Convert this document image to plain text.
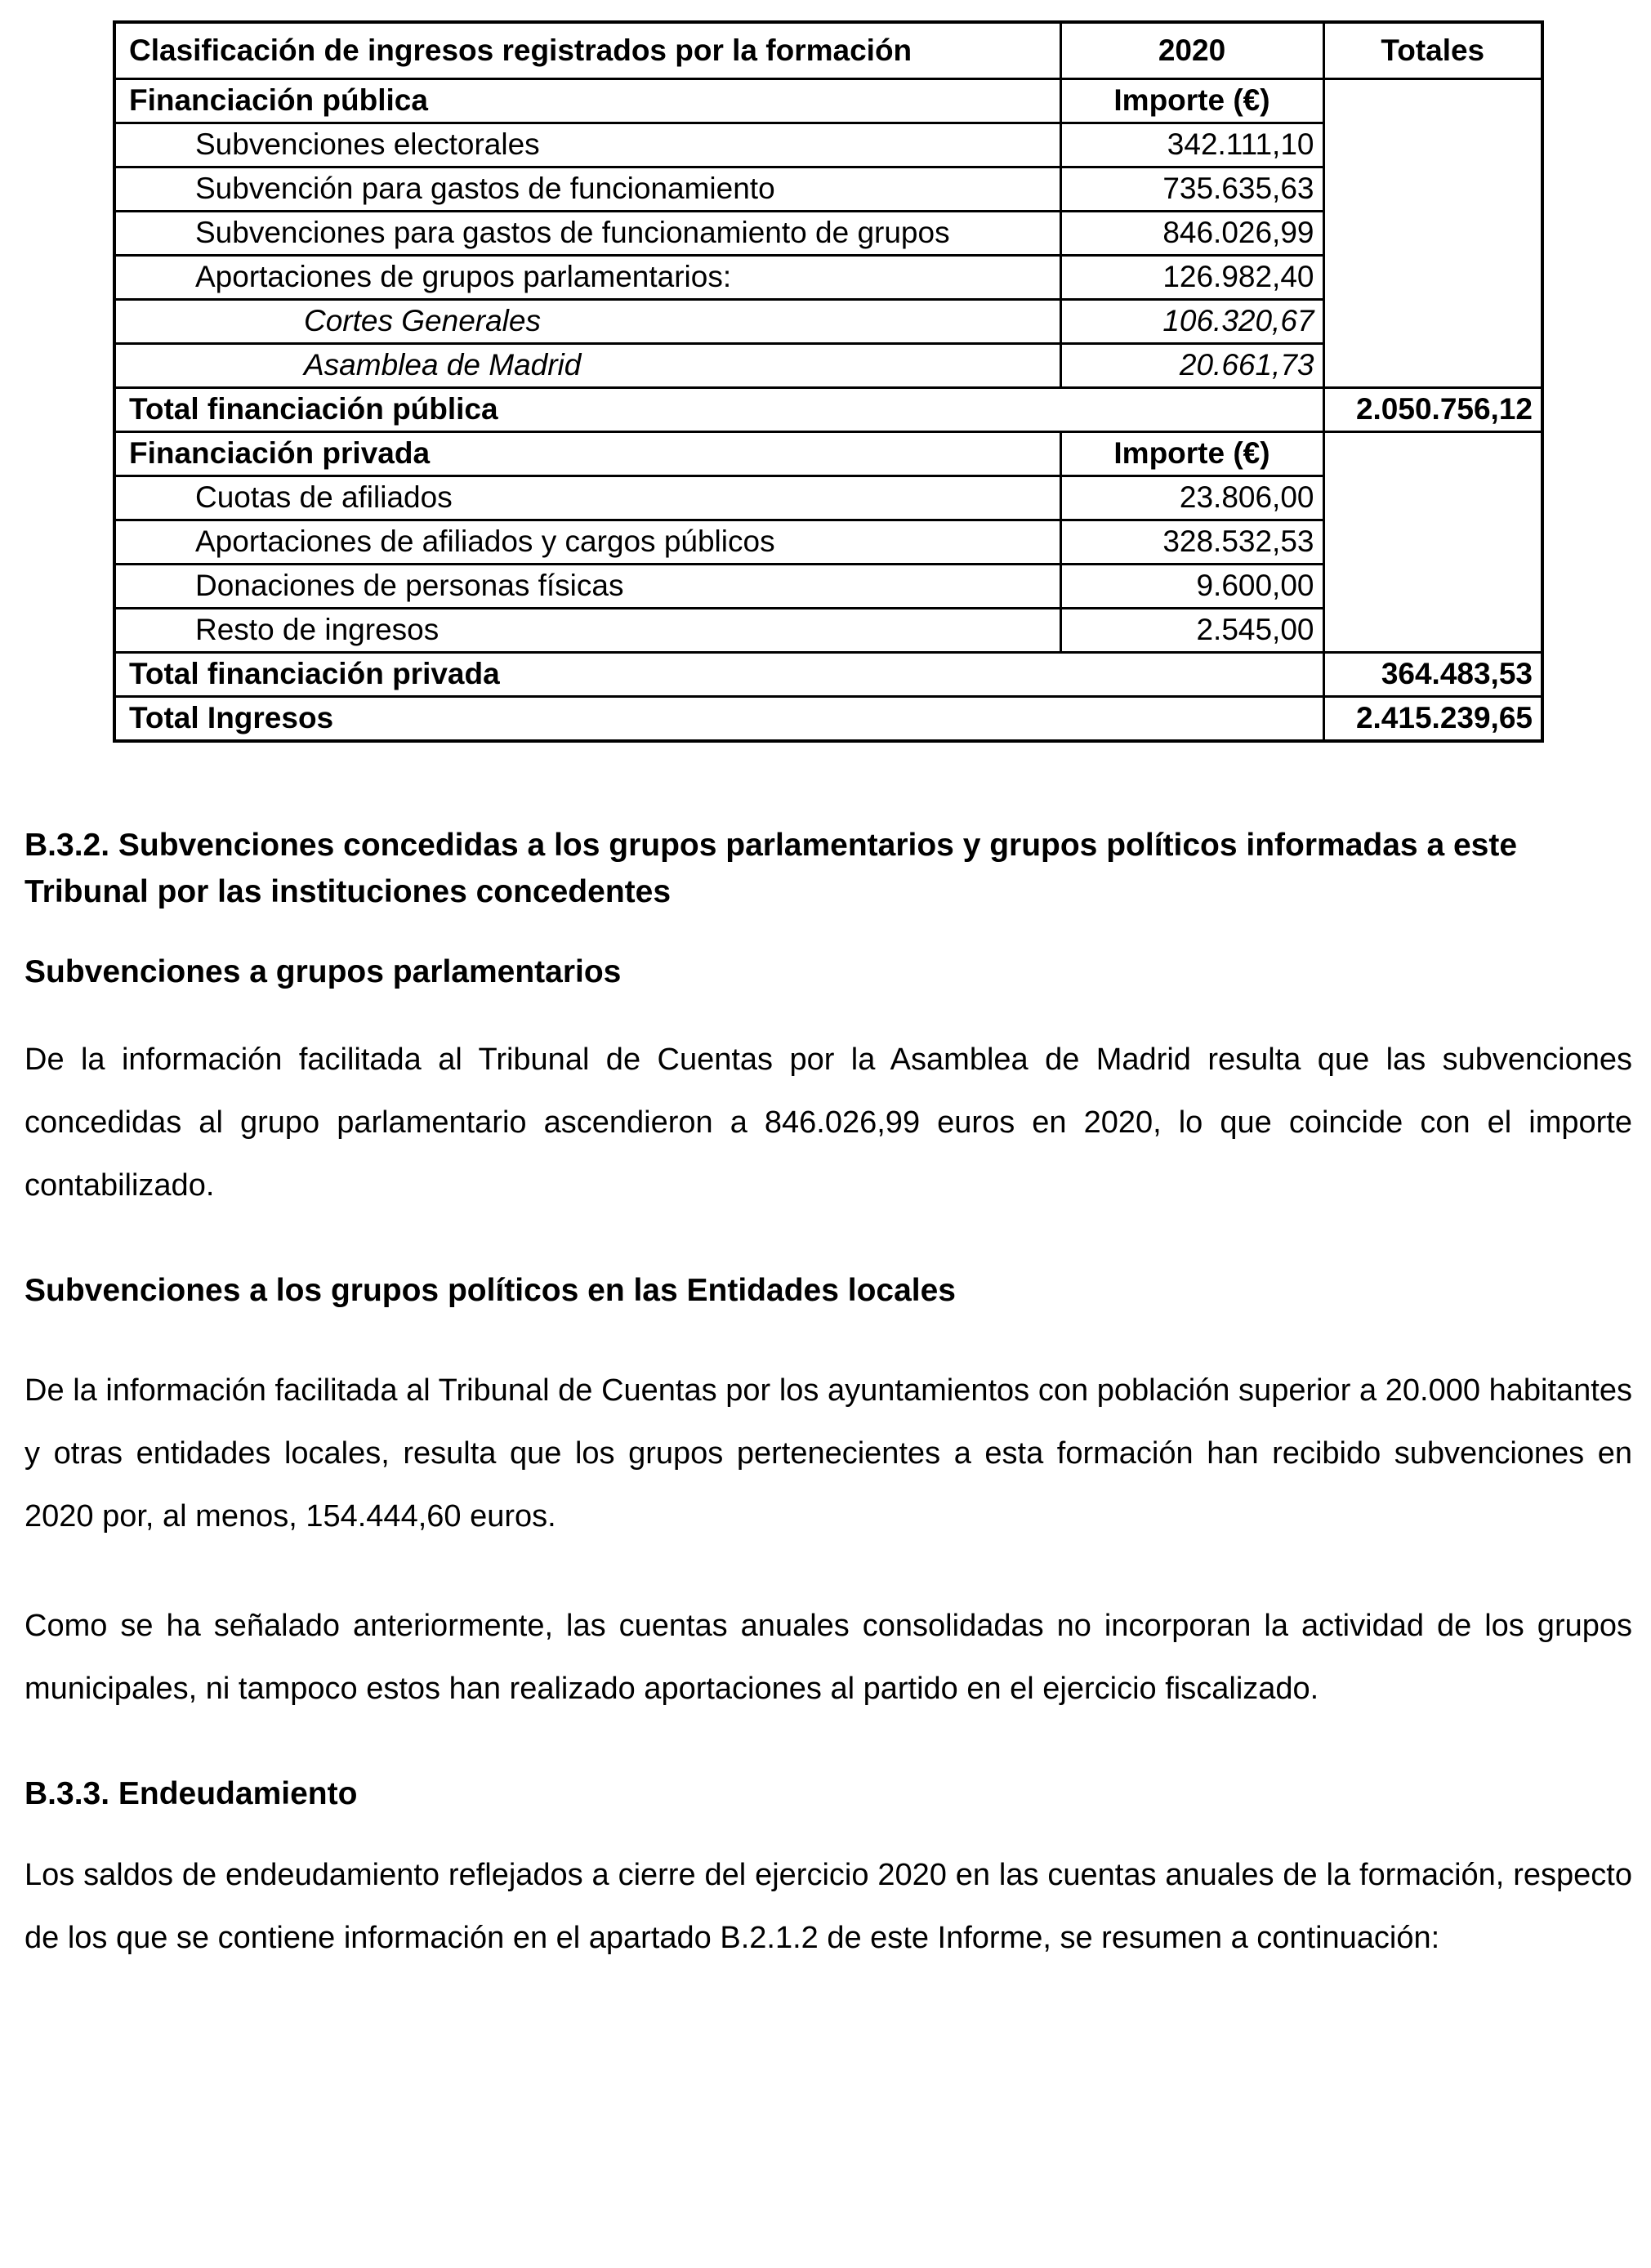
Clasificación de ingresos registrados por la formación	2020	Totales
Financiación pública	Importe (€)	
Subvenciones electorales	342.111,10	
Subvención para gastos de funcionamiento	735.635,63	
Subvenciones para gastos de funcionamiento de grupos	846.026,99	
Aportaciones de grupos parlamentarios:	126.982,40	
Cortes Generales	106.320,67	
Asamblea de Madrid	20.661,73	
Total financiación pública		2.050.756,12
Financiación privada	Importe (€)	
Cuotas de afiliados	23.806,00	
Aportaciones de afiliados y cargos públicos	328.532,53	
Donaciones de personas físicas	9.600,00	
Resto de ingresos	2.545,00	
Total financiación privada		364.483,53
Total Ingresos		2.415.239,65
B.3.2. Subvenciones concedidas a los grupos parlamentarios y grupos políticos informadas a este Tribunal por las instituciones concedentes
Subvenciones a grupos parlamentarios

De la información facilitada al Tribunal de Cuentas por la Asamblea de Madrid resulta que las subvenciones concedidas al grupo parlamentario ascendieron a 846.026,99 euros en 2020, lo que coincide con el importe contabilizado.

Subvenciones a los grupos políticos en las Entidades locales

De la información facilitada al Tribunal de Cuentas por los ayuntamientos con población superior a 20.000 habitantes y otras entidades locales, resulta que los grupos pertenecientes a esta formación han recibido subvenciones en 2020 por, al menos, 154.444,60 euros.

Como se ha señalado anteriormente, las cuentas anuales consolidadas no incorporan la actividad de los grupos municipales, ni tampoco estos han realizado aportaciones al partido en el ejercicio fiscalizado.

B.3.3. Endeudamiento

Los saldos de endeudamiento reflejados a cierre del ejercicio 2020 en las cuentas anuales de la formación, respecto de los que se contiene información en el apartado B.2.1.2 de este Informe, se resumen a continuación:
